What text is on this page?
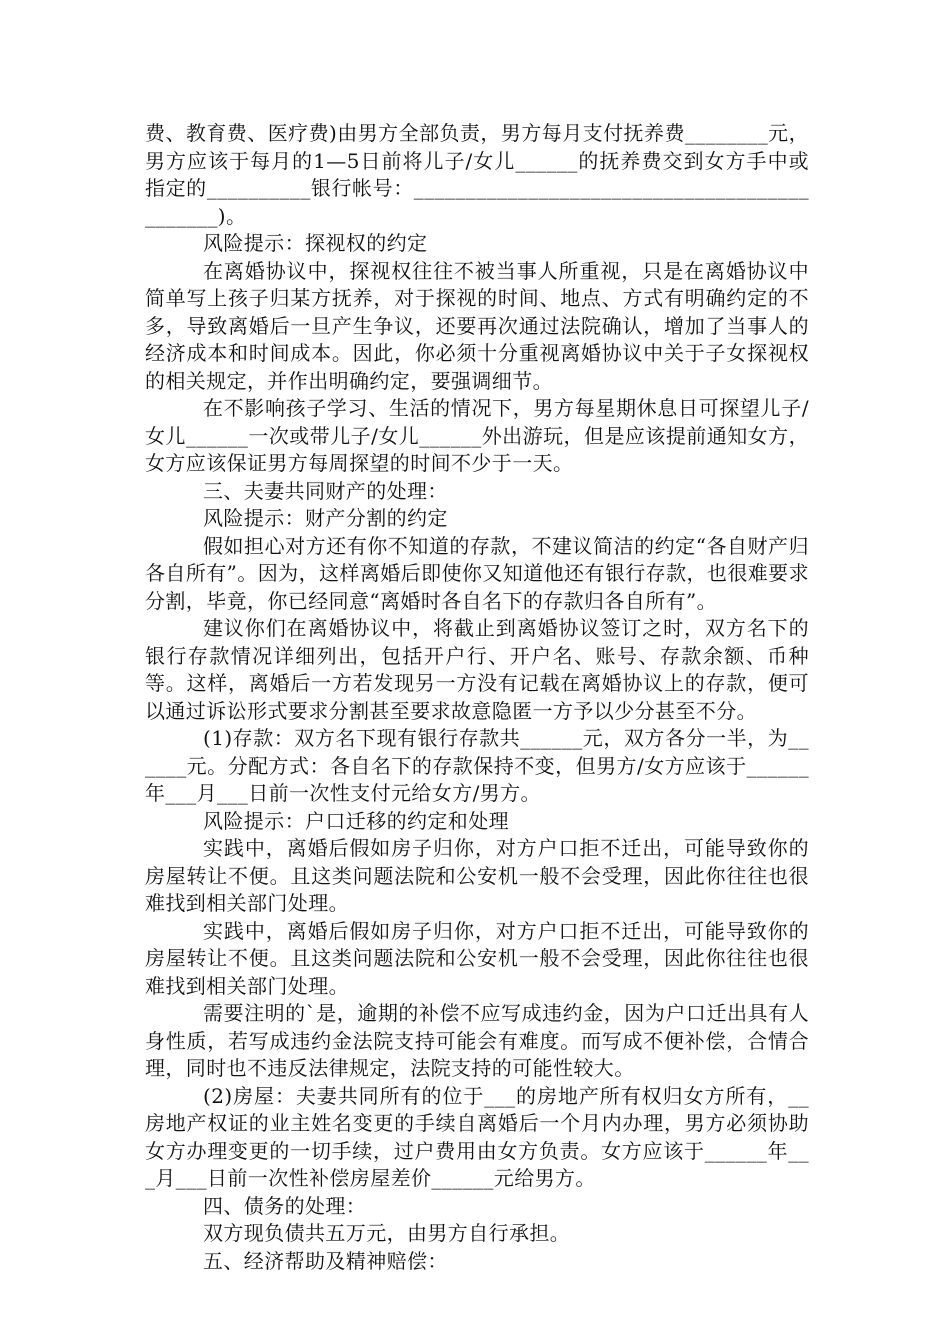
费、教育费、医疗费)由男方全部负责，男方每月支付抚养费________元，男方应该于每月的1—5日前将儿子/女儿______的抚养费交到女方手中或指定的__________银行帐号：_____________________________________________)。

风险提示：探视权的约定

在离婚协议中，探视权往往不被当事人所重视，只是在离婚协议中简单写上孩子归某方抚养，对于探视的时间、地点、方式有明确约定的不多，导致离婚后一旦产生争议，还要再次通过法院确认，增加了当事人的经济成本和时间成本。因此，你必须十分重视离婚协议中关于子女探视权的相关规定，并作出明确约定，要强调细节。

在不影响孩子学习、生活的情况下，男方每星期休息日可探望儿子/女儿______一次或带儿子/女儿______外出游玩，但是应该提前通知女方，女方应该保证男方每周探望的时间不少于一天。

三、夫妻共同财产的处理：

风险提示：财产分割的约定

假如担心对方还有你不知道的存款，不建议简洁的约定“各自财产归各自所有”。因为，这样离婚后即使你又知道他还有银行存款，也很难要求分割，毕竟，你已经同意“离婚时各自名下的存款归各自所有”。

建议你们在离婚协议中，将截止到离婚协议签订之时，双方名下的银行存款情况详细列出，包括开户行、开户名、账号、存款余额、币种等。这样，离婚后一方若发现另一方没有记载在离婚协议上的存款，便可以通过诉讼形式要求分割甚至要求故意隐匿一方予以少分甚至不分。

(1)存款：双方名下现有银行存款共______元，双方各分一半，为______元。分配方式：各自名下的存款保持不变，但男方/女方应该于______年___月___日前一次性支付元给女方/男方。

风险提示：户口迁移的约定和处理

实践中，离婚后假如房子归你，对方户口拒不迁出，可能导致你的房屋转让不便。且这类问题法院和公安机一般不会受理，因此你往往也很难找到相关部门处理。

实践中，离婚后假如房子归你，对方户口拒不迁出，可能导致你的房屋转让不便。且这类问题法院和公安机一般不会受理，因此你往往也很难找到相关部门处理。

需要注明的`是，逾期的补偿不应写成违约金，因为户口迁出具有人身性质，若写成违约金法院支持可能会有难度。而写成不便补偿，合情合理，同时也不违反法律规定，法院支持的可能性较大。

(2)房屋：夫妻共同所有的位于___的房地产所有权归女方所有，__房地产权证的业主姓名变更的手续自离婚后一个月内办理，男方必须协助女方办理变更的一切手续，过户费用由女方负责。女方应该于______年___月___日前一次性补偿房屋差价______元给男方。

四、债务的处理：

双方现负债共五万元，由男方自行承担。

五、经济帮助及精神赔偿：
